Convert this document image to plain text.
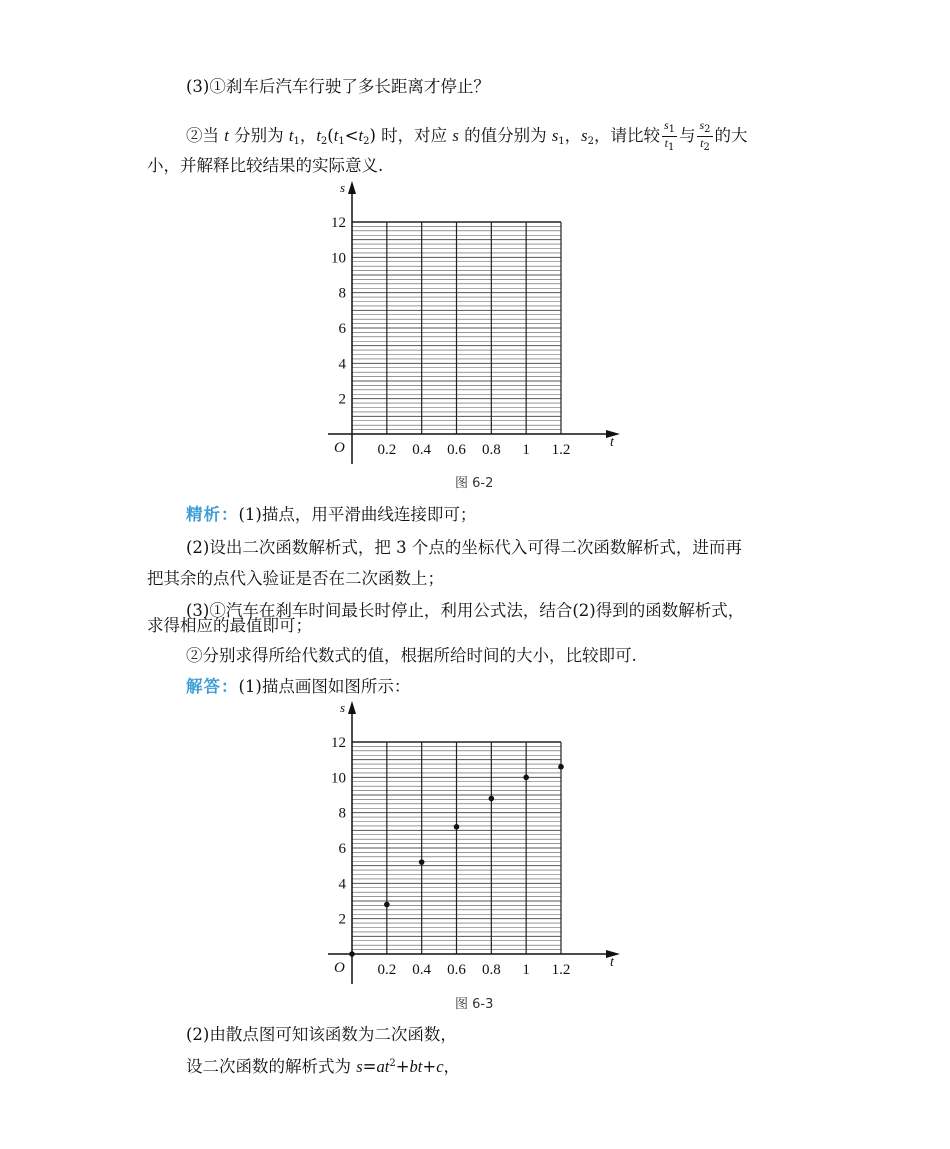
(3)①刹车后汽车行驶了多长距离才停止？
②当 t 分别为 $t_1$，$t_2(t_1<t_2)$ 时，对应 s 的值分别为 $s_1$，$s_2$，请比较 $\frac{s_1}{t_1}$ 与 $\frac{s_2}{t_2}$ 的大
小，并解释比较结果的实际意义.
s
t
O
12
10
8
6
4
2
0.2 0.4 0.6 0.8 1 1.2
图 6-2
精析：(1)描点，用平滑曲线连接即可；
(2)设出二次函数解析式，把 3 个点的坐标代入可得二次函数解析式，进而再
把其余的点代入验证是否在二次函数上；
(3)①汽车在刹车时间最长时停止，利用公式法，结合(2)得到的函数解析式，
求得相应的最值即可；
②分别求得所给代数式的值，根据所给时间的大小，比较即可.
解答：(1)描点画图如图所示：
s
t
O
12
10
8
6
4
2
0.2 0.4 0.6 0.8 1 1.2
图 6-3
(2)由散点图可知该函数为二次函数，
设二次函数的解析式为 $s=at^2+bt+c$，
